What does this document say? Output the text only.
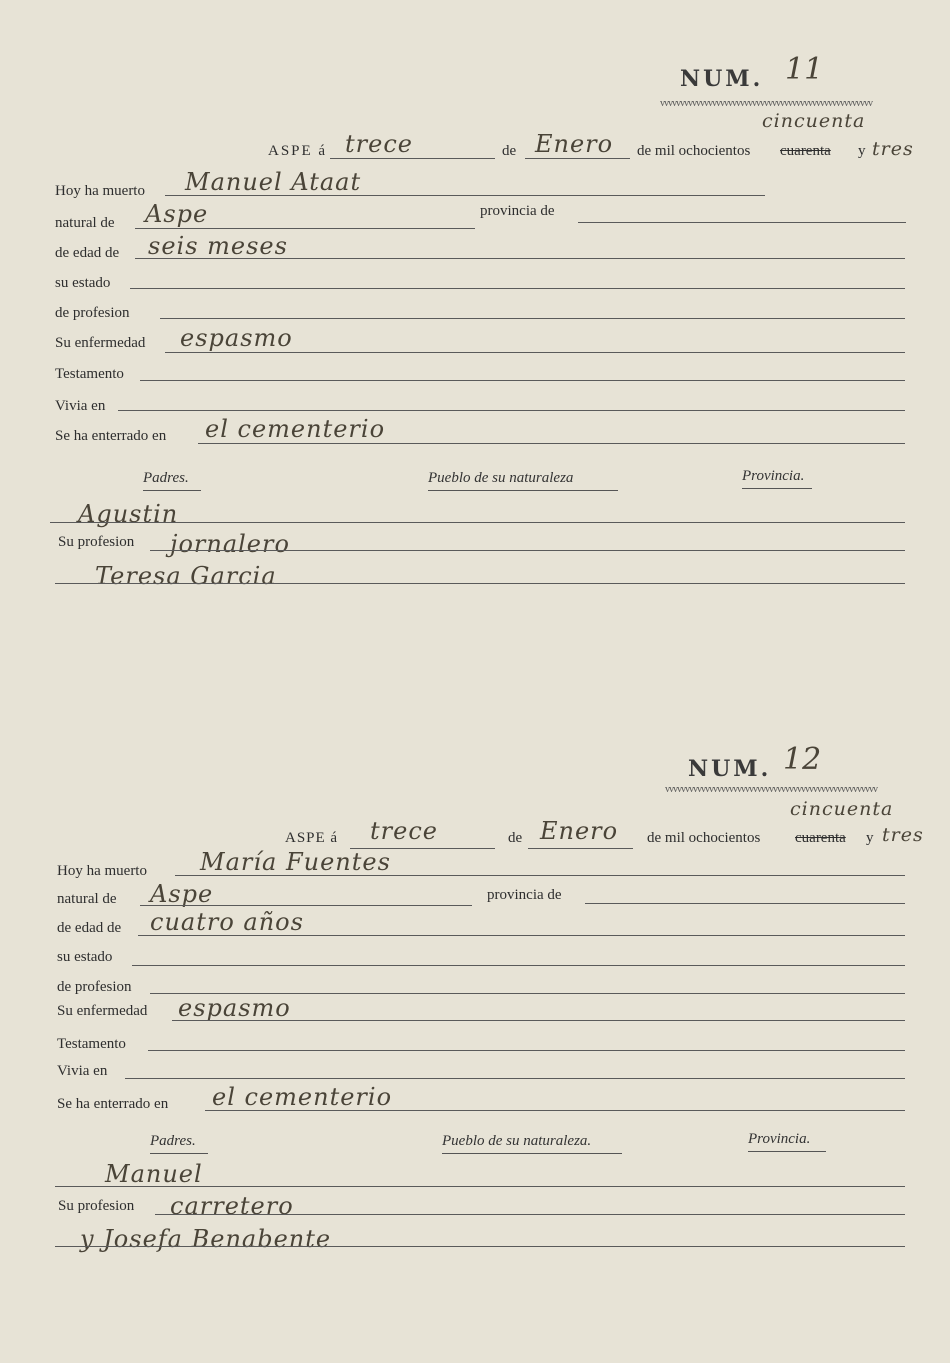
NUM. 11
vvvvvvvvvvvvvvvvvvvvvvvvvvvvvvvvvvvvvvvvvvvvvvvvvvvvv
cincuenta
ASPE á trece	de Enero de mil ochocientos cuarenta y tres
Hoy ha muerto Manuel Ataat
natural de Aspe	provincia de
de edad de seis meses
su estado
de profesion
Su enfermedad espasmo
Testamento
Vivia en
Se ha enterrado en el cementerio
Padres.	Pueblo de su naturaleza	Provincia.
Agustin
Su profesion jornalero
Teresa Garcia
NUM. 12
vvvvvvvvvvvvvvvvvvvvvvvvvvvvvvvvvvvvvvvvvvvvvvvvvvvvv
cincuenta
ASPE á trece	de Enero de mil ochocientos cuarenta y tres
Hoy ha muerto María Fuentes
natural de Aspe	provincia de
de edad de cuatro años
su estado
de profesion
Su enfermedad espasmo
Testamento
Vivia en
Se ha enterrado en el cementerio
Padres.	Pueblo de su naturaleza.	Provincia.
Manuel
Su profesion carretero
y Josefa Benabente
